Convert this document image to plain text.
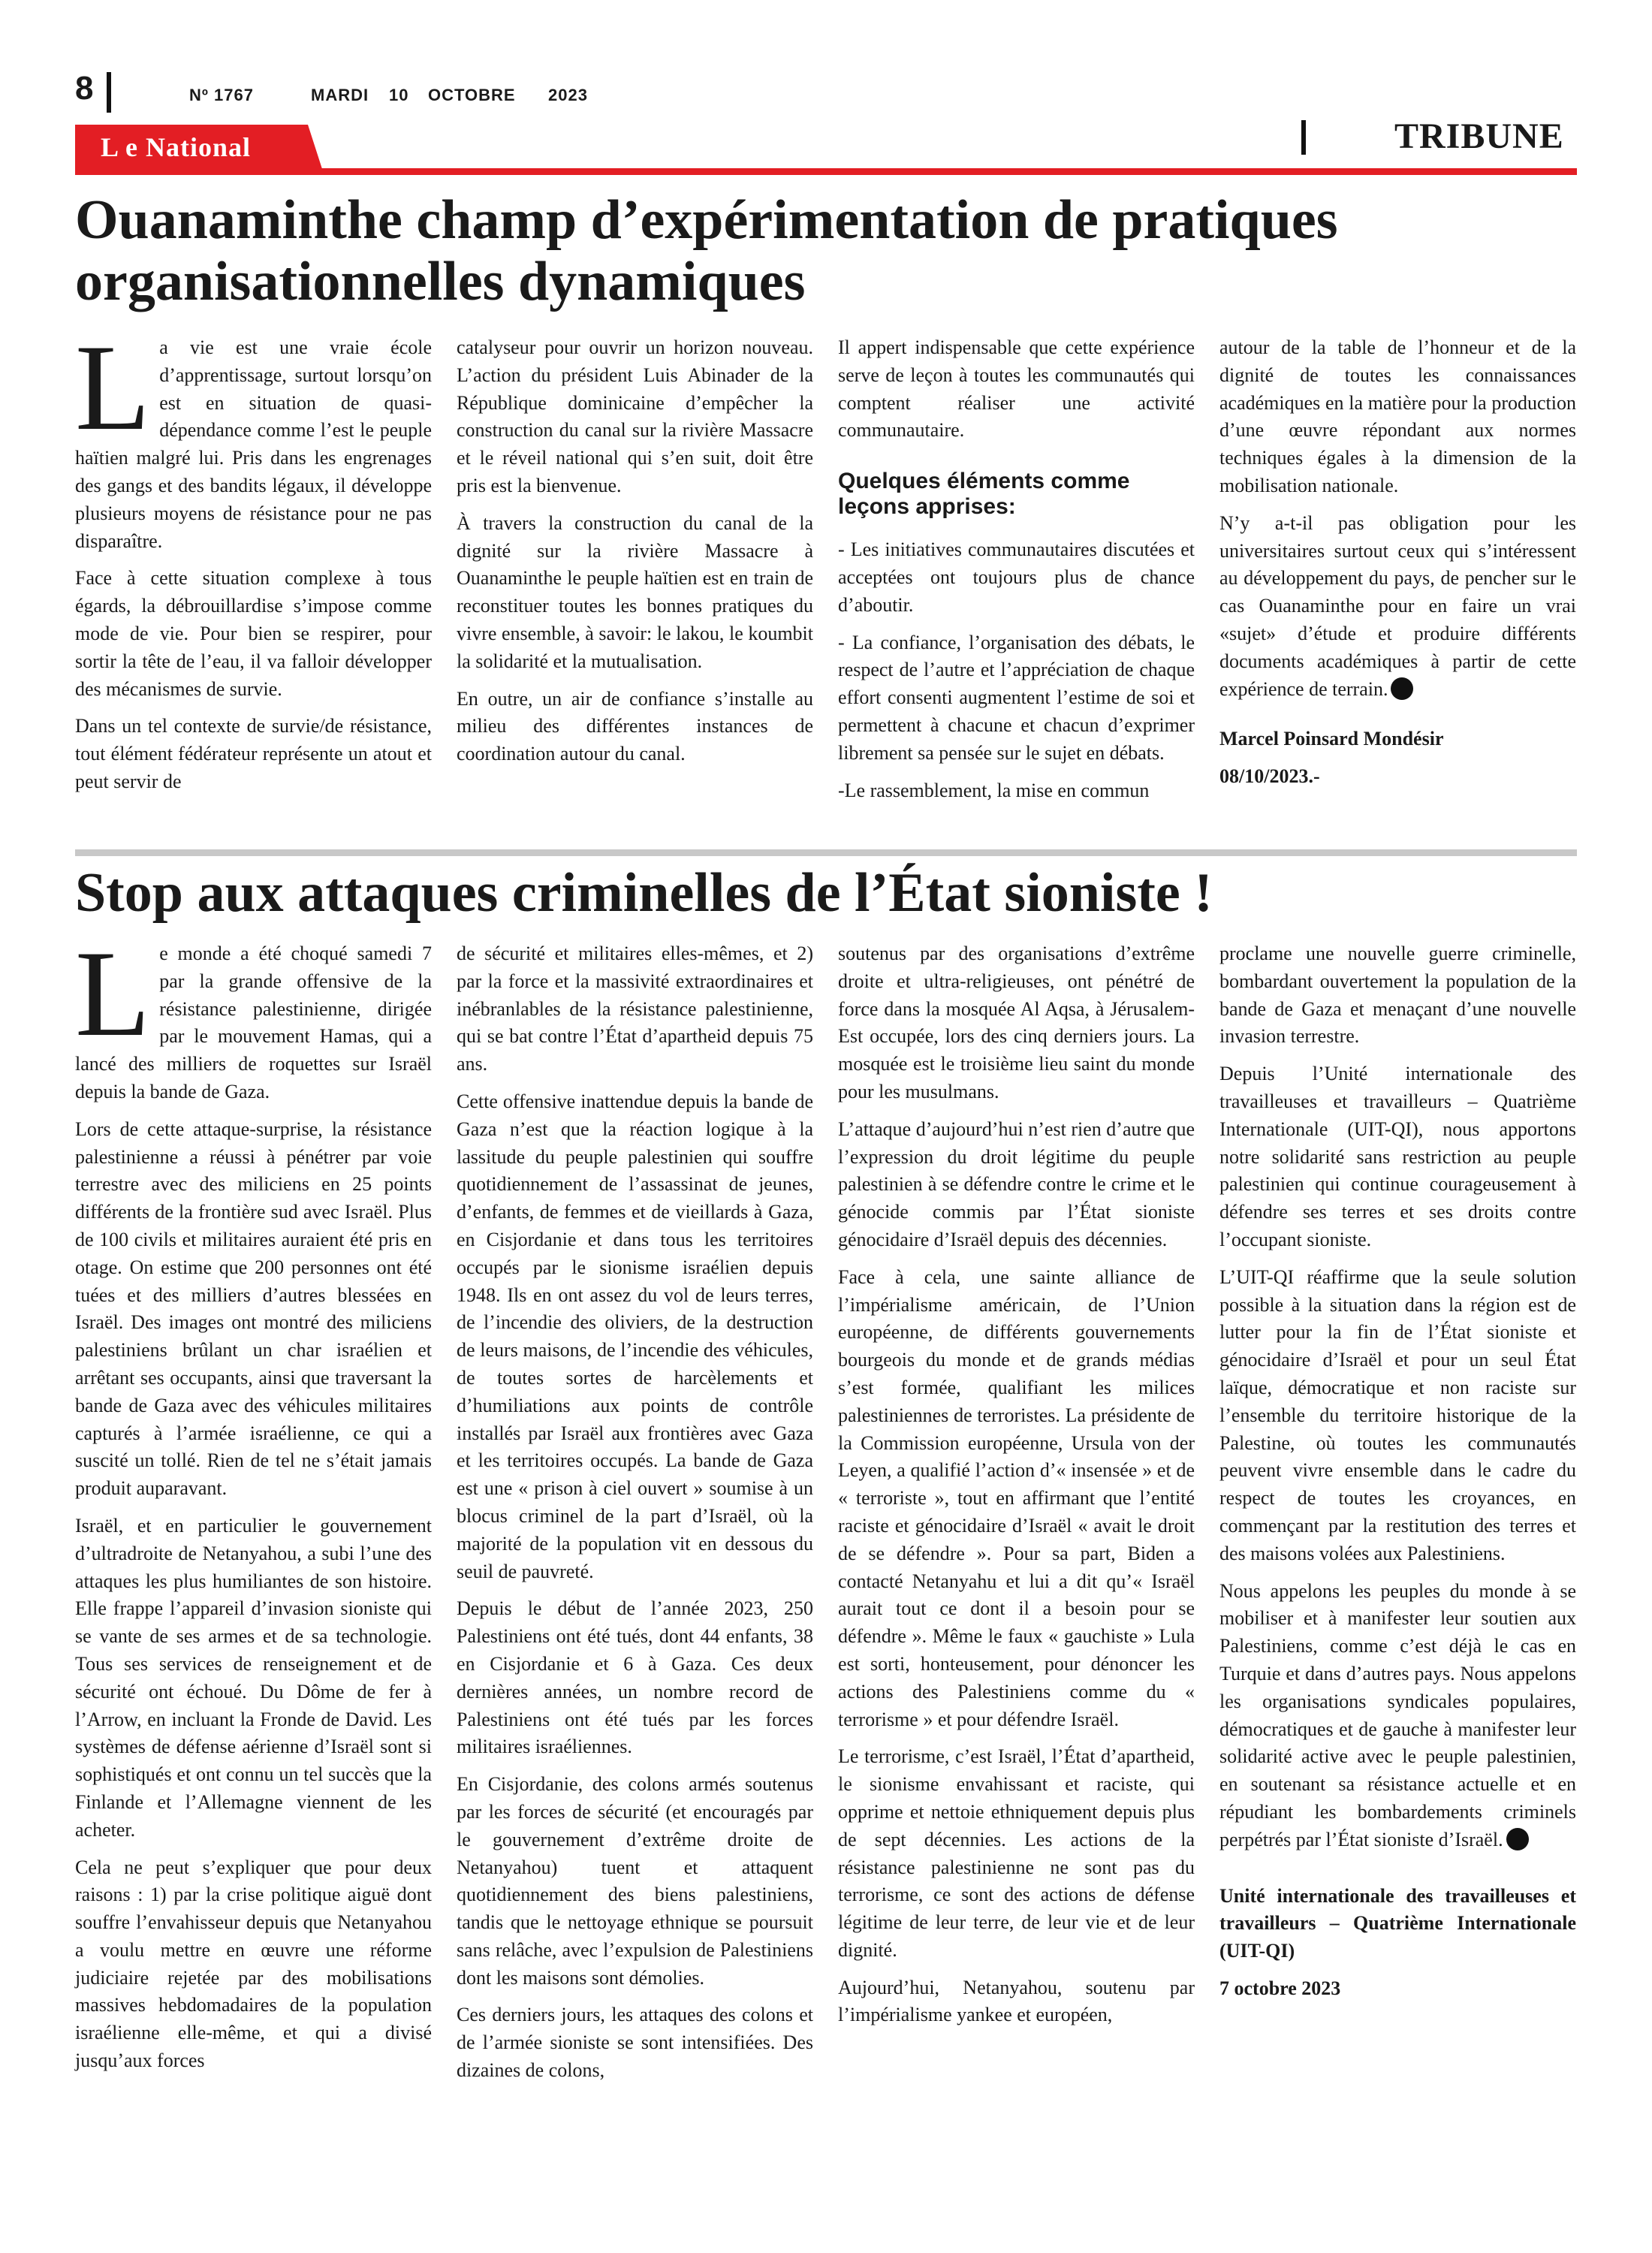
8	Nº 1767	MARDI 10 OCTOBRE 2023
L e National	TRIBUNE
Ouanaminthe champ d’expérimentation de pratiques organisationnelles dynamiques

La vie est une vraie école d’apprentissage, surtout lorsqu’on est en situation de quasi-dépendance comme l’est le peuple haïtien malgré lui. Pris dans les engrenages des gangs et des bandits légaux, il développe plusieurs moyens de résistance pour ne pas disparaître.

Face à cette situation complexe à tous égards, la débrouillardise s’impose comme mode de vie. Pour bien se respirer, pour sortir la tête de l’eau, il va falloir développer des mécanismes de survie.

Dans un tel contexte de survie/de résistance, tout élément fédérateur représente un atout et peut servir de

catalyseur pour ouvrir un horizon nouveau. L’action du président Luis Abinader de la République dominicaine d’empêcher la construction du canal sur la rivière Massacre et le réveil national qui s’en suit, doit être pris est la bienvenue.

À travers la construction du canal de la dignité sur la rivière Massacre à Ouanaminthe le peuple haïtien est en train de reconstituer toutes les bonnes pratiques du vivre ensemble, à savoir: le lakou, le koumbit la solidarité et la mutualisation.

En outre, un air de confiance s’installe au milieu des différentes instances de coordination autour du canal.

Il appert indispensable que cette expérience serve de leçon à toutes les communautés qui comptent réaliser une activité communautaire.

Quelques éléments comme leçons apprises:

- Les initiatives communautaires discutées et acceptées ont toujours plus de chance d’aboutir.

- La confiance, l’organisation des débats, le respect de l’autre et l’appréciation de chaque effort consenti augmentent l’estime de soi et permettent à chacune et chacun d’exprimer librement sa pensée sur le sujet en débats.

-Le rassemblement, la mise en commun

autour de la table de l’honneur et de la dignité de toutes les connaissances académiques en la matière pour la production d’une œuvre répondant aux normes techniques égales à la dimension de la mobilisation nationale.

N’y a-t-il pas obligation pour les universitaires surtout ceux qui s’intéressent au développement du pays, de pencher sur le cas Ouanaminthe pour en faire un vrai «sujet» d’étude et produire différents documents académiques à partir de cette expérience de terrain.

Marcel Poinsard Mondésir

08/10/2023.-

Stop aux attaques criminelles de l’État sioniste !

Le monde a été choqué samedi 7 par la grande offensive de la résistance palestinienne, dirigée par le mouvement Hamas, qui a lancé des milliers de roquettes sur Israël depuis la bande de Gaza.

Lors de cette attaque-surprise, la résistance palestinienne a réussi à pénétrer par voie terrestre avec des miliciens en 25 points différents de la frontière sud avec Israël. Plus de 100 civils et militaires auraient été pris en otage. On estime que 200 personnes ont été tuées et des milliers d’autres blessées en Israël. Des images ont montré des miliciens palestiniens brûlant un char israélien et arrêtant ses occupants, ainsi que traversant la bande de Gaza avec des véhicules militaires capturés à l’armée israélienne, ce qui a suscité un tollé. Rien de tel ne s’était jamais produit auparavant.

Israël, et en particulier le gouvernement d’ultradroite de Netanyahou, a subi l’une des attaques les plus humiliantes de son histoire. Elle frappe l’appareil d’invasion sioniste qui se vante de ses armes et de sa technologie. Tous ses services de renseignement et de sécurité ont échoué. Du Dôme de fer à l’Arrow, en incluant la Fronde de David. Les systèmes de défense aérienne d’Israël sont si sophistiqués et ont connu un tel succès que la Finlande et l’Allemagne viennent de les acheter.

Cela ne peut s’expliquer que pour deux raisons : 1) par la crise politique aiguë dont souffre l’envahisseur depuis que Netanyahou a voulu mettre en œuvre une réforme judiciaire rejetée par des mobilisations massives hebdomadaires de la population israélienne elle-même, et qui a divisé jusqu’aux forces

de sécurité et militaires elles-mêmes, et 2) par la force et la massivité extraordinaires et inébranlables de la résistance palestinienne, qui se bat contre l’État d’apartheid depuis 75 ans.

Cette offensive inattendue depuis la bande de Gaza n’est que la réaction logique à la lassitude du peuple palestinien qui souffre quotidiennement de l’assassinat de jeunes, d’enfants, de femmes et de vieillards à Gaza, en Cisjordanie et dans tous les territoires occupés par le sionisme israélien depuis 1948. Ils en ont assez du vol de leurs terres, de l’incendie des oliviers, de la destruction de leurs maisons, de l’incendie des véhicules, de toutes sortes de harcèlements et d’humiliations aux points de contrôle installés par Israël aux frontières avec Gaza et les territoires occupés. La bande de Gaza est une « prison à ciel ouvert » soumise à un blocus criminel de la part d’Israël, où la majorité de la population vit en dessous du seuil de pauvreté.

Depuis le début de l’année 2023, 250 Palestiniens ont été tués, dont 44 enfants, 38 en Cisjordanie et 6 à Gaza. Ces deux dernières années, un nombre record de Palestiniens ont été tués par les forces militaires israéliennes.

En Cisjordanie, des colons armés soutenus par les forces de sécurité (et encouragés par le gouvernement d’extrême droite de Netanyahou) tuent et attaquent quotidiennement des biens palestiniens, tandis que le nettoyage ethnique se poursuit sans relâche, avec l’expulsion de Palestiniens dont les maisons sont démolies.

Ces derniers jours, les attaques des colons et de l’armée sioniste se sont intensifiées. Des dizaines de colons,

soutenus par des organisations d’extrême droite et ultra-religieuses, ont pénétré de force dans la mosquée Al Aqsa, à Jérusalem-Est occupée, lors des cinq derniers jours. La mosquée est le troisième lieu saint du monde pour les musulmans.

L’attaque d’aujourd’hui n’est rien d’autre que l’expression du droit légitime du peuple palestinien à se défendre contre le crime et le génocide commis par l’État sioniste génocidaire d’Israël depuis des décennies.

Face à cela, une sainte alliance de l’impérialisme américain, de l’Union européenne, de différents gouvernements bourgeois du monde et de grands médias s’est formée, qualifiant les milices palestiniennes de terroristes. La présidente de la Commission européenne, Ursula von der Leyen, a qualifié l’action d’« insensée » et de « terroriste », tout en affirmant que l’entité raciste et génocidaire d’Israël « avait le droit de se défendre ». Pour sa part, Biden a contacté Netanyahu et lui a dit qu’« Israël aurait tout ce dont il a besoin pour se défendre ». Même le faux « gauchiste » Lula est sorti, honteusement, pour dénoncer les actions des Palestiniens comme du « terrorisme » et pour défendre Israël.

Le terrorisme, c’est Israël, l’État d’apartheid, le sionisme envahissant et raciste, qui opprime et nettoie ethniquement depuis plus de sept décennies. Les actions de la résistance palestinienne ne sont pas du terrorisme, ce sont des actions de défense légitime de leur terre, de leur vie et de leur dignité.

Aujourd’hui, Netanyahou, soutenu par l’impérialisme yankee et européen,

proclame une nouvelle guerre criminelle, bombardant ouvertement la population de la bande de Gaza et menaçant d’une nouvelle invasion terrestre.

Depuis l’Unité internationale des travailleuses et travailleurs – Quatrième Internationale (UIT-QI), nous apportons notre solidarité sans restriction au peuple palestinien qui continue courageusement à défendre ses terres et ses droits contre l’occupant sioniste.

L’UIT-QI réaffirme que la seule solution possible à la situation dans la région est de lutter pour la fin de l’État sioniste et génocidaire d’Israël et pour un seul État laïque, démocratique et non raciste sur l’ensemble du territoire historique de la Palestine, où toutes les communautés peuvent vivre ensemble dans le cadre du respect de toutes les croyances, en commençant par la restitution des terres et des maisons volées aux Palestiniens.

Nous appelons les peuples du monde à se mobiliser et à manifester leur soutien aux Palestiniens, comme c’est déjà le cas en Turquie et dans d’autres pays. Nous appelons les organisations syndicales populaires, démocratiques et de gauche à manifester leur solidarité active avec le peuple palestinien, en soutenant sa résistance actuelle et en répudiant les bombardements criminels perpétrés par l’État sioniste d’Israël.

Unité internationale des travailleuses et travailleurs – Quatrième Internationale (UIT-QI)

7 octobre 2023
